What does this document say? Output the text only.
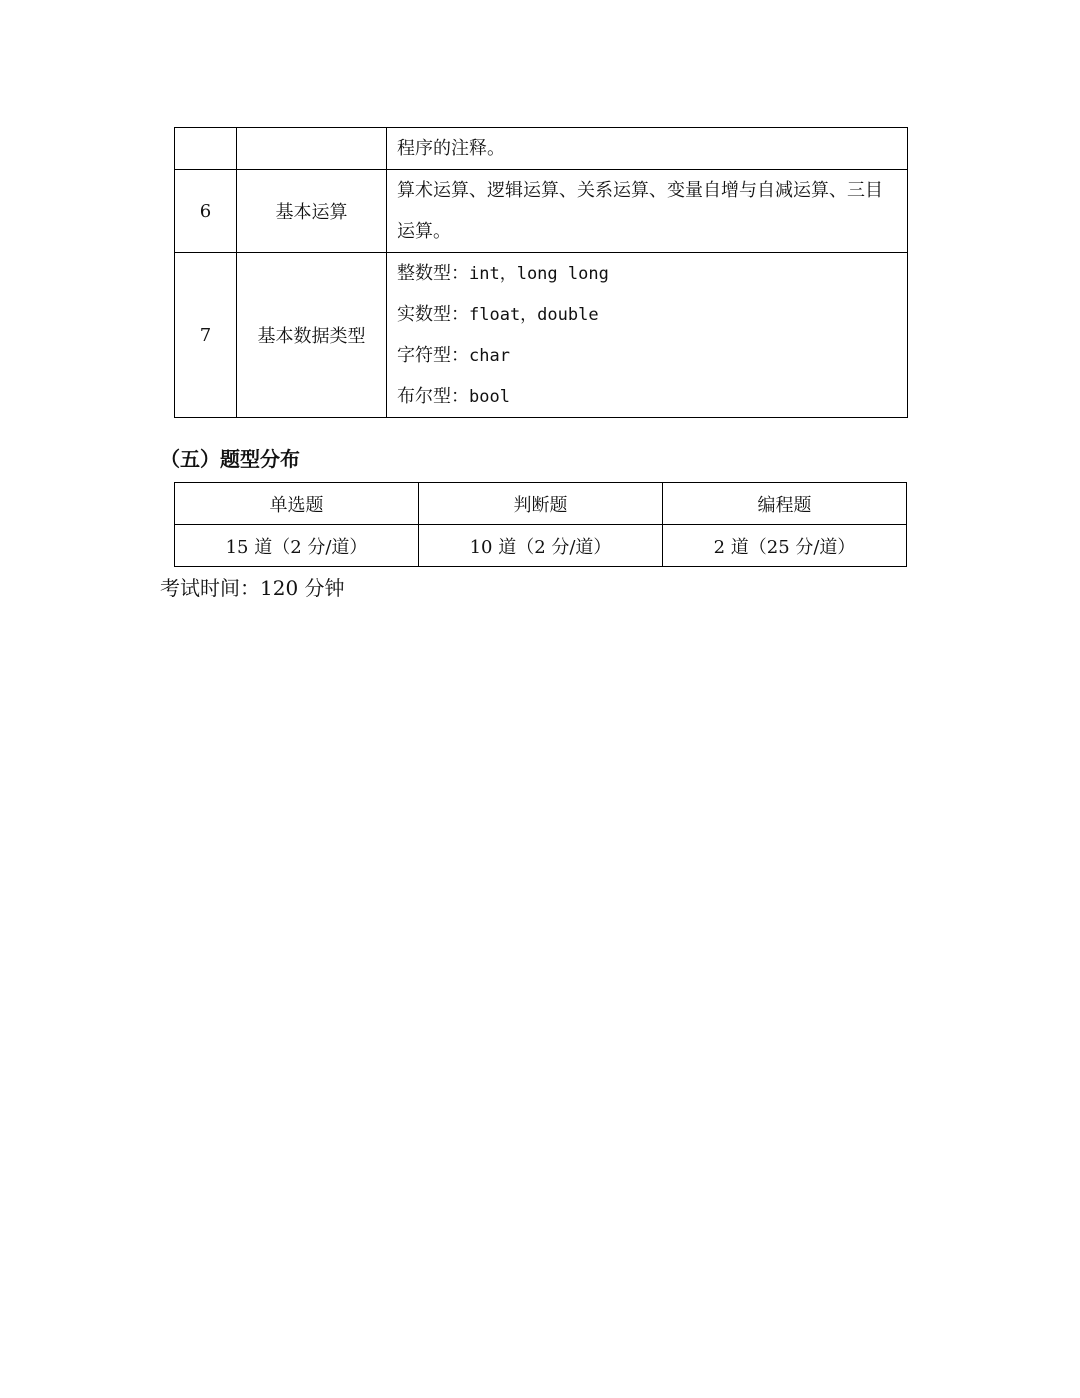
		程序的注释。

6	基本运算	算术运算、逻辑运算、关系运算、变量自增与自减运算、三目
运算。

7	基本数据类型	整数型：int，long long
实数型：float，double
字符型：char
布尔型：bool
（五）题型分布
单选题	判断题	编程题
15 道（2 分/道）	10 道（2 分/道）	2 道（25 分/道）
考试时间：120 分钟
